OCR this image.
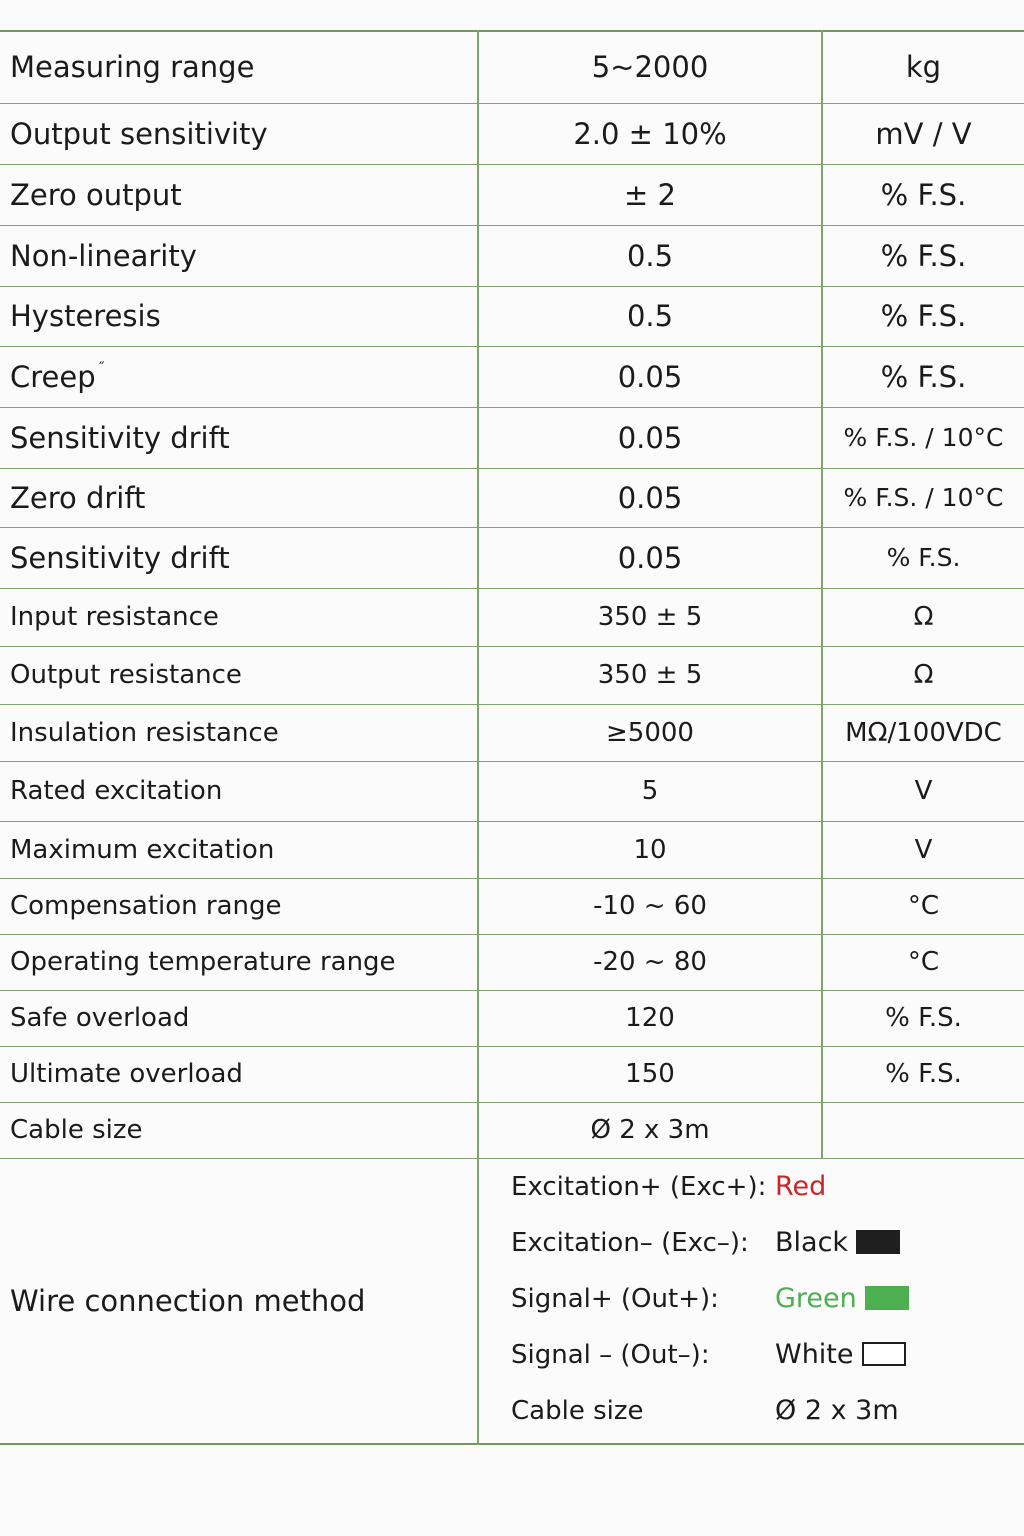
Measuring range	5~2000	kg
Output sensitivity	2.0 ± 10%	mV / V
Zero output	± 2	% F.S.
Non-linearity	0.5	% F.S.
Hysteresis	0.5	% F.S.
Creep ˝	0.05	% F.S.
Sensitivity drift	0.05	% F.S. / 10°C
Zero drift	0.05	% F.S. / 10°C
Sensitivity drift	0.05	% F.S.
Input resistance	350 ± 5	Ω
Output resistance	350 ± 5	Ω
Insulation resistance	≥5000	MΩ/100VDC
Rated excitation	5	V
Maximum excitation	10	V
Compensation range	-10 ~ 60	°C
Operating temperature range	-20 ~ 80	°C
Safe overload	120	% F.S.
Ultimate overload	150	% F.S.
Cable size	Ø 2 x 3m	
Wire connection method	
Excitation+ (Exc+):	Red
Excitation– (Exc–):	Black
Signal+ (Out+):	Green
Signal – (Out–):	White
Cable size	Ø 2 x 3m
